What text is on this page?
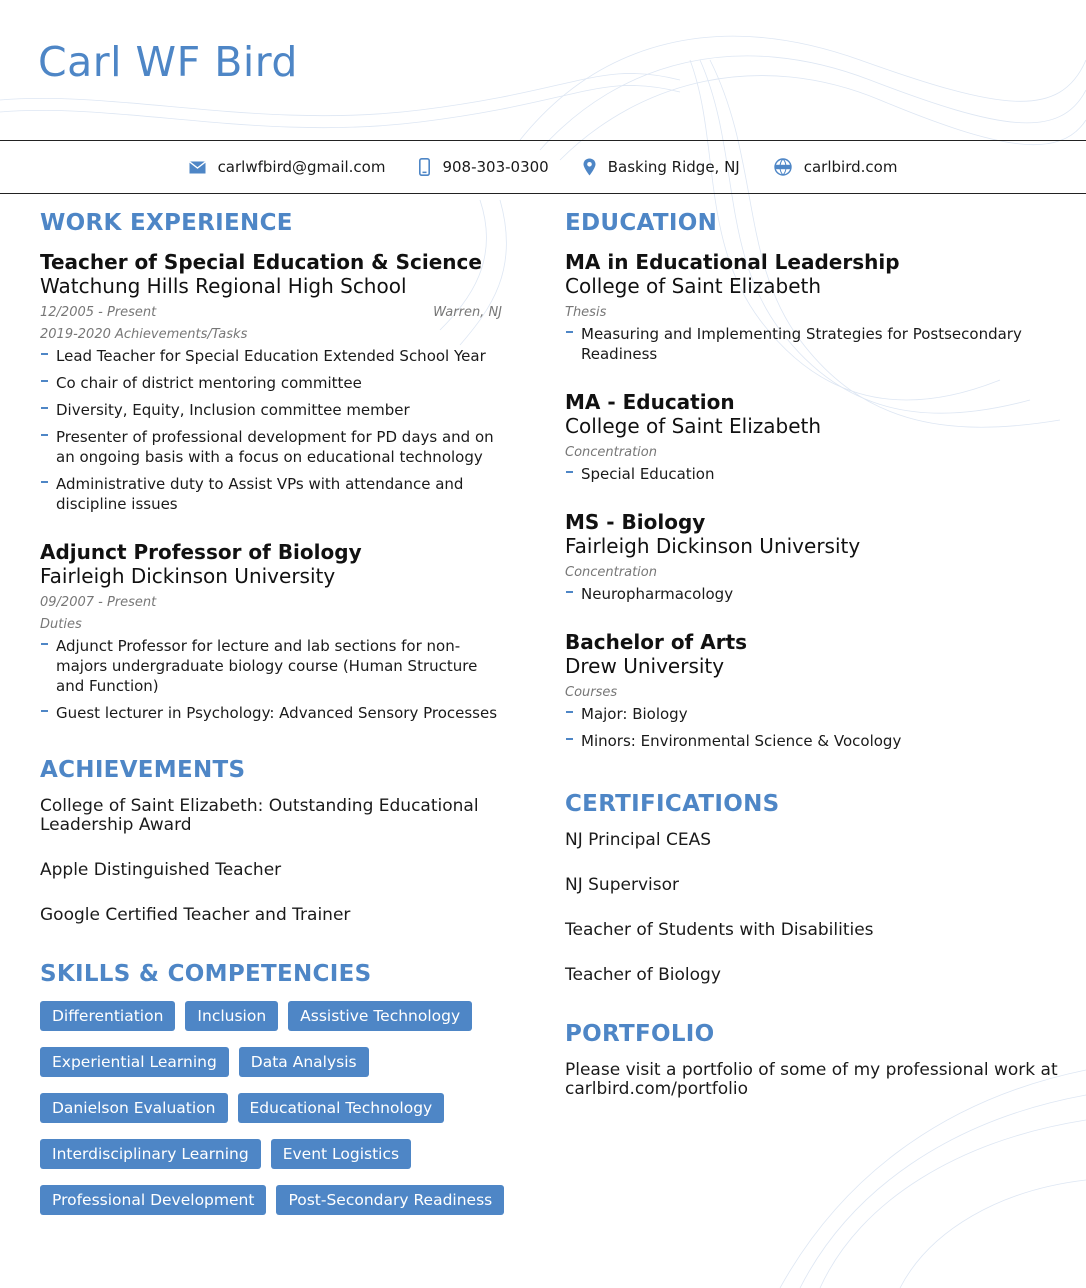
Carl WF Bird
carlwfbird@gmail.com	908-303-0300	Basking Ridge, NJ	carlbird.com
WORK EXPERIENCE
Teacher of Special Education & Science
Watchung Hills Regional High School
12/2005 - Present	Warren, NJ
2019-2020 Achievements/Tasks
Lead Teacher for Special Education Extended School Year
Co chair of district mentoring committee
Diversity, Equity, Inclusion committee member
Presenter of professional development for PD days and on an ongoing basis with a focus on educational technology
Administrative duty to Assist VPs with attendance and discipline issues
Adjunct Professor of Biology
Fairleigh Dickinson University
09/2007 - Present
Duties
Adjunct Professor for lecture and lab sections for non-majors undergraduate biology course (Human Structure and Function)
Guest lecturer in Psychology: Advanced Sensory Processes
ACHIEVEMENTS
College of Saint Elizabeth: Outstanding Educational Leadership Award
Apple Distinguished Teacher
Google Certified Teacher and Trainer
SKILLS & COMPETENCIES
Differentiation	Inclusion	Assistive Technology
Experiential Learning	Data Analysis
Danielson Evaluation	Educational Technology
Interdisciplinary Learning	Event Logistics
Professional Development	Post-Secondary Readiness
EDUCATION
MA in Educational Leadership
College of Saint Elizabeth
Thesis
Measuring and Implementing Strategies for Postsecondary Readiness
MA - Education
College of Saint Elizabeth
Concentration
Special Education
MS - Biology
Fairleigh Dickinson University
Concentration
Neuropharmacology
Bachelor of Arts
Drew University
Courses
Major: Biology
Minors: Environmental Science & Vocology
CERTIFICATIONS
NJ Principal CEAS
NJ Supervisor
Teacher of Students with Disabilities
Teacher of Biology
PORTFOLIO
Please visit a portfolio of some of my professional work at carlbird.com/portfolio
